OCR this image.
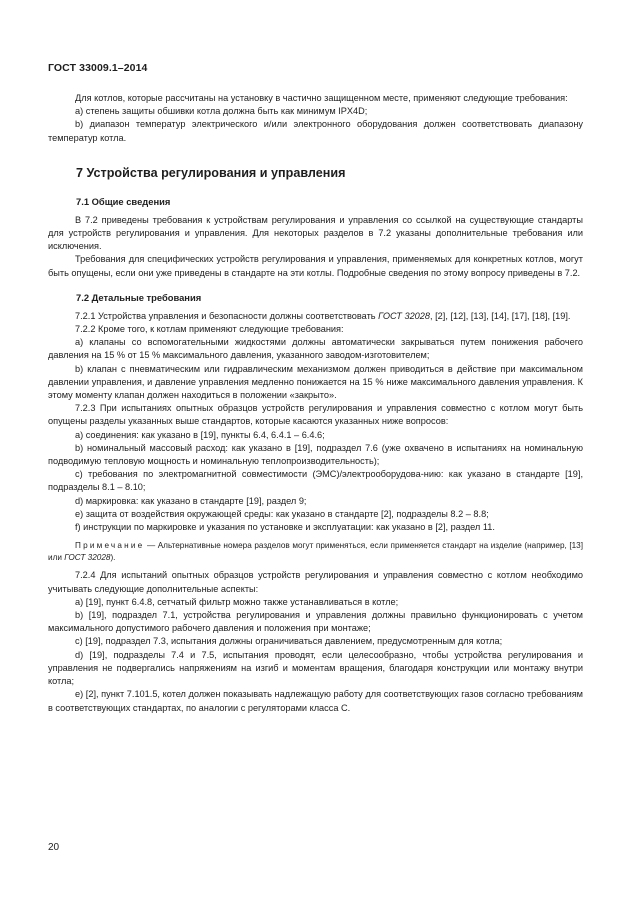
ГОСТ 33009.1–2014

Для котлов, которые рассчитаны на установку в частично защищенном месте, применяют следующие требования:

a) степень защиты обшивки котла должна быть как минимум IPX4D;

b) диапазон температур электрического и/или электронного оборудования должен соответствовать диапазону температур котла.

7 Устройства регулирования и управления
7.1 Общие сведения

В 7.2 приведены требования к устройствам регулирования и управления со ссылкой на существующие стандарты для устройств регулирования и управления. Для некоторых разделов в 7.2 указаны дополнительные требования или исключения.

Требования для специфических устройств регулирования и управления, применяемых для конкретных котлов, могут быть опущены, если они уже приведены в стандарте на эти котлы. Подробные сведения по этому вопросу приведены в 7.2.

7.2 Детальные требования

7.2.1 Устройства управления и безопасности должны соответствовать ГОСТ 32028, [2], [12], [13], [14], [17], [18], [19].

7.2.2 Кроме того, к котлам применяют следующие требования:

a) клапаны со вспомогательными жидкостями должны автоматически закрываться путем понижения рабочего давления на 15 % от 15 % максимального давления, указанного заводом-изготовителем;

b) клапан с пневматическим или гидравлическим механизмом должен приводиться в действие при максимальном давлении управления, и давление управления медленно понижается на 15 % ниже максимального давления управления. К этому моменту клапан должен находиться в положении «закрыто».

7.2.3 При испытаниях опытных образцов устройств регулирования и управления совместно с котлом могут быть опущены разделы указанных выше стандартов, которые касаются указанных ниже вопросов:

a) соединения: как указано в [19], пункты 6.4, 6.4.1 – 6.4.6;

b) номинальный массовый расход: как указано в [19], подраздел 7.6 (уже охвачено в испытаниях на номинальную подводимую тепловую мощность и номинальную теплопроизводительность);

c) требования по электромагнитной совместимости (ЭМС)/электрооборудова-нию: как указано в стандарте [19], подразделы 8.1 – 8.10;

d) маркировка: как указано в стандарте [19], раздел 9;

e) защита от воздействия окружающей среды: как указано в стандарте [2], подразделы 8.2 – 8.8;

f) инструкции по маркировке и указания по установке и эксплуатации: как указано в [2], раздел 11.

Примечание — Альтернативные номера разделов могут применяться, если применяется стандарт на изделие (например, [13] или ГОСТ 32028).

7.2.4 Для испытаний опытных образцов устройств регулирования и управления совместно с котлом необходимо учитывать следующие дополнительные аспекты:

a) [19], пункт 6.4.8, сетчатый фильтр можно также устанавливаться в котле;

b) [19], подраздел 7.1, устройства регулирования и управления должны правильно функционировать с учетом максимального допустимого рабочего давления и положения при монтаже;

c) [19], подраздел 7.3, испытания должны ограничиваться давлением, предусмотренным для котла;

d) [19], подразделы 7.4 и 7.5, испытания проводят, если целесообразно, чтобы устройства регулирования и управления не подвергались напряжениям на изгиб и моментам вращения, благодаря конструкции или монтажу внутри котла;

e) [2], пункт 7.101.5, котел должен показывать надлежащую работу для соответствующих газов согласно требованиям в соответствующих стандартах, по аналогии с регуляторами класса С.

20
